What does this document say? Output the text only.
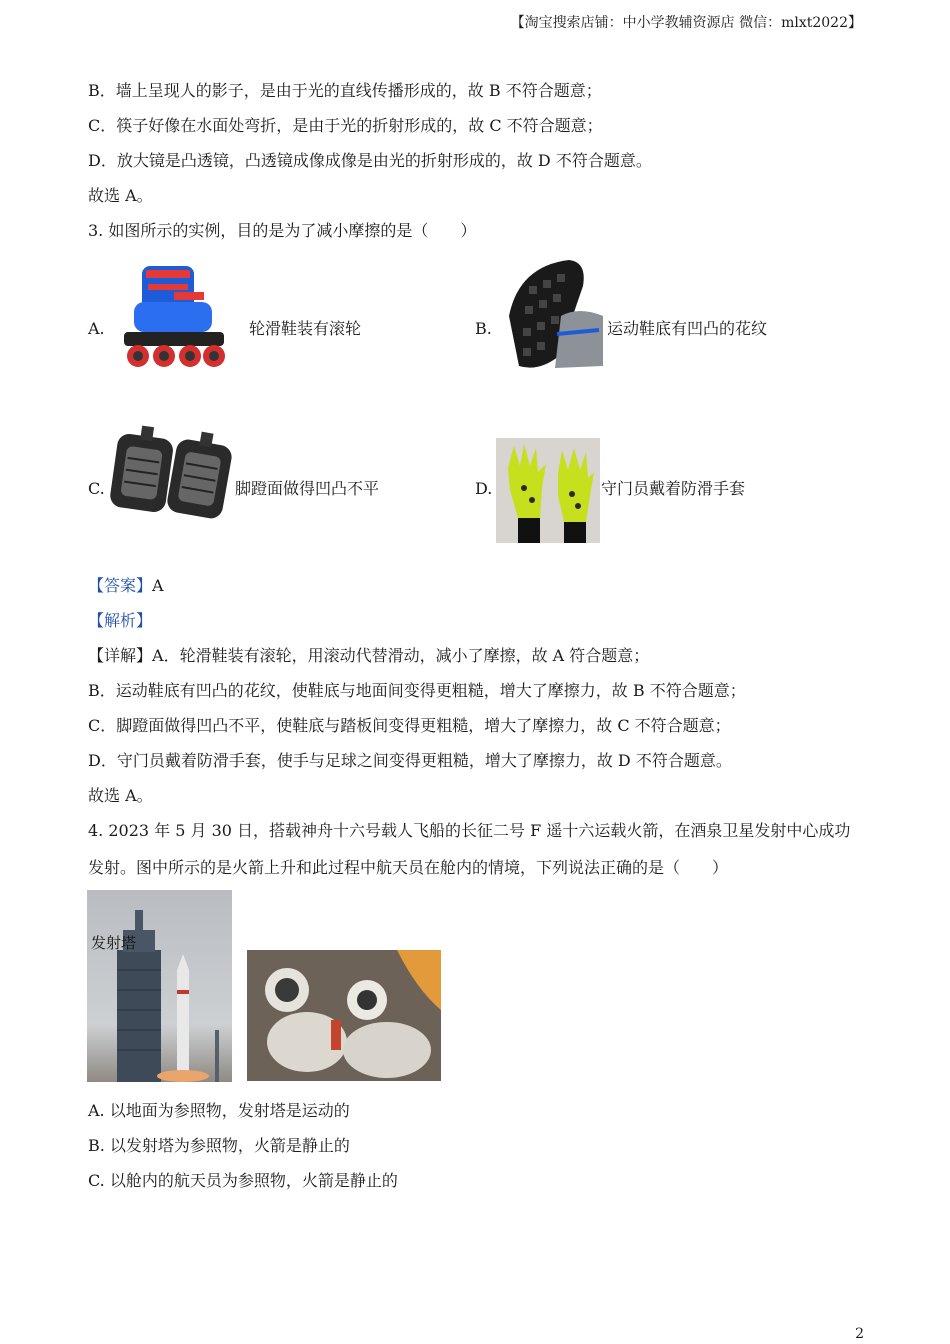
【淘宝搜索店铺：中小学教辅资源店 微信：mlxt2022】
B．墙上呈现人的影子，是由于光的直线传播形成的，故 B 不符合题意；
C．筷子好像在水面处弯折，是由于光的折射形成的，故 C 不符合题意；
D．放大镜是凸透镜，凸透镜成像成像是由光的折射形成的，故 D 不符合题意。
故选 A。
3. 如图所示的实例，目的是为了减小摩擦的是（　　）
A.	轮滑鞋装有滚轮	B.	运动鞋底有凹凸的花纹
C.	脚蹬面做得凹凸不平	D.	守门员戴着防滑手套
【答案】A
【解析】
【详解】A．轮滑鞋装有滚轮，用滚动代替滑动，减小了摩擦，故 A 符合题意；
B．运动鞋底有凹凸的花纹，使鞋底与地面间变得更粗糙，增大了摩擦力，故 B 不符合题意；
C．脚蹬面做得凹凸不平，使鞋底与踏板间变得更粗糙，增大了摩擦力，故 C 不符合题意；
D．守门员戴着防滑手套，使手与足球之间变得更粗糙，增大了摩擦力，故 D 不符合题意。
故选 A。
4. 2023 年 5 月 30 日，搭载神舟十六号载人飞船的长征二号 F 遥十六运载火箭，在酒泉卫星发射中心成功
发射。图中所示的是火箭上升和此过程中航天员在舱内的情境，下列说法正确的是（　　）
发射塔
A. 以地面为参照物，发射塔是运动的
B. 以发射塔为参照物，火箭是静止的
C. 以舱内的航天员为参照物，火箭是静止的
2
